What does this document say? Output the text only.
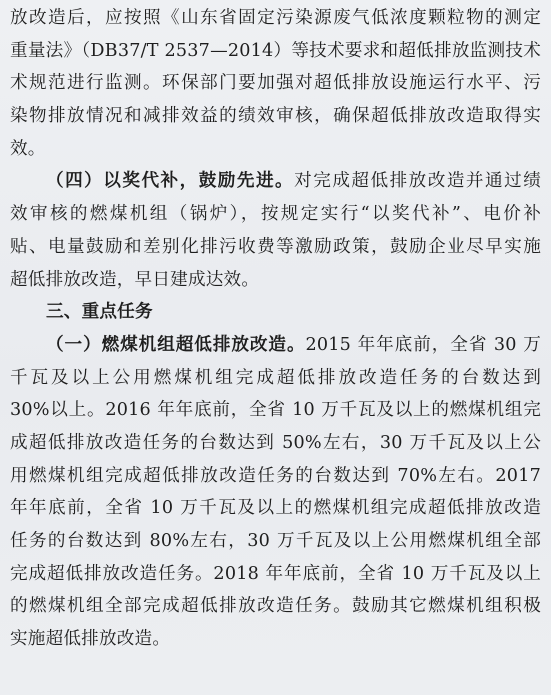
放改造后，应按照《山东省固定污染源废气低浓度颗粒物的测定
重量法》（DB37/T 2537—2014）等技术要求和超低排放监测技术
术规范进行监测。环保部门要加强对超低排放设施运行水平、污
染物排放情况和减排效益的绩效审核，确保超低排放改造取得实
效。
（四）以奖代补，鼓励先进。对完成超低排放改造并通过绩
效审核的燃煤机组（锅炉），按规定实行“以奖代补”、电价补
贴、电量鼓励和差别化排污收费等激励政策，鼓励企业尽早实施
超低排放改造，早日建成达效。
三、重点任务
（一）燃煤机组超低排放改造。2015 年年底前，全省 30 万
千瓦及以上公用燃煤机组完成超低排放改造任务的台数达到
30%以上。2016 年年底前，全省 10 万千瓦及以上的燃煤机组完
成超低排放改造任务的台数达到 50%左右，30 万千瓦及以上公
用燃煤机组完成超低排放改造任务的台数达到 70%左右。2017
年年底前，全省 10 万千瓦及以上的燃煤机组完成超低排放改造
任务的台数达到 80%左右，30 万千瓦及以上公用燃煤机组全部
完成超低排放改造任务。2018 年年底前，全省 10 万千瓦及以上
的燃煤机组全部完成超低排放改造任务。鼓励其它燃煤机组积极
实施超低排放改造。
